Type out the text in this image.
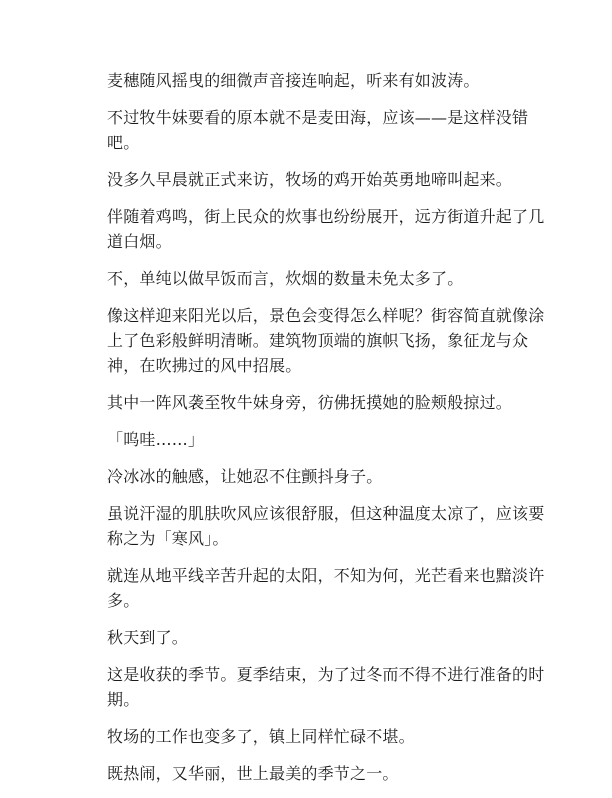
麦穗随风摇曳的细微声音接连响起，听来有如波涛。

不过牧牛妹要看的原本就不是麦田海，应该——是这样没错吧。

没多久早晨就正式来访，牧场的鸡开始英勇地啼叫起来。

伴随着鸡鸣，街上民众的炊事也纷纷展开，远方街道升起了几道白烟。

不，单纯以做早饭而言，炊烟的数量未免太多了。

像这样迎来阳光以后，景色会变得怎么样呢？街容简直就像涂上了色彩般鲜明清晰。建筑物顶端的旗帜飞扬，象征龙与众神，在吹拂过的风中招展。

其中一阵风袭至牧牛妹身旁，彷佛抚摸她的脸颊般掠过。

「呜哇……」

冷冰冰的触感，让她忍不住颤抖身子。

虽说汗湿的肌肤吹风应该很舒服，但这种温度太凉了，应该要称之为「寒风」。

就连从地平线辛苦升起的太阳，不知为何，光芒看来也黯淡许多。

秋天到了。

这是收获的季节。夏季结束，为了过冬而不得不进行准备的时期。

牧场的工作也变多了，镇上同样忙碌不堪。

既热闹，又华丽，世上最美的季节之一。
